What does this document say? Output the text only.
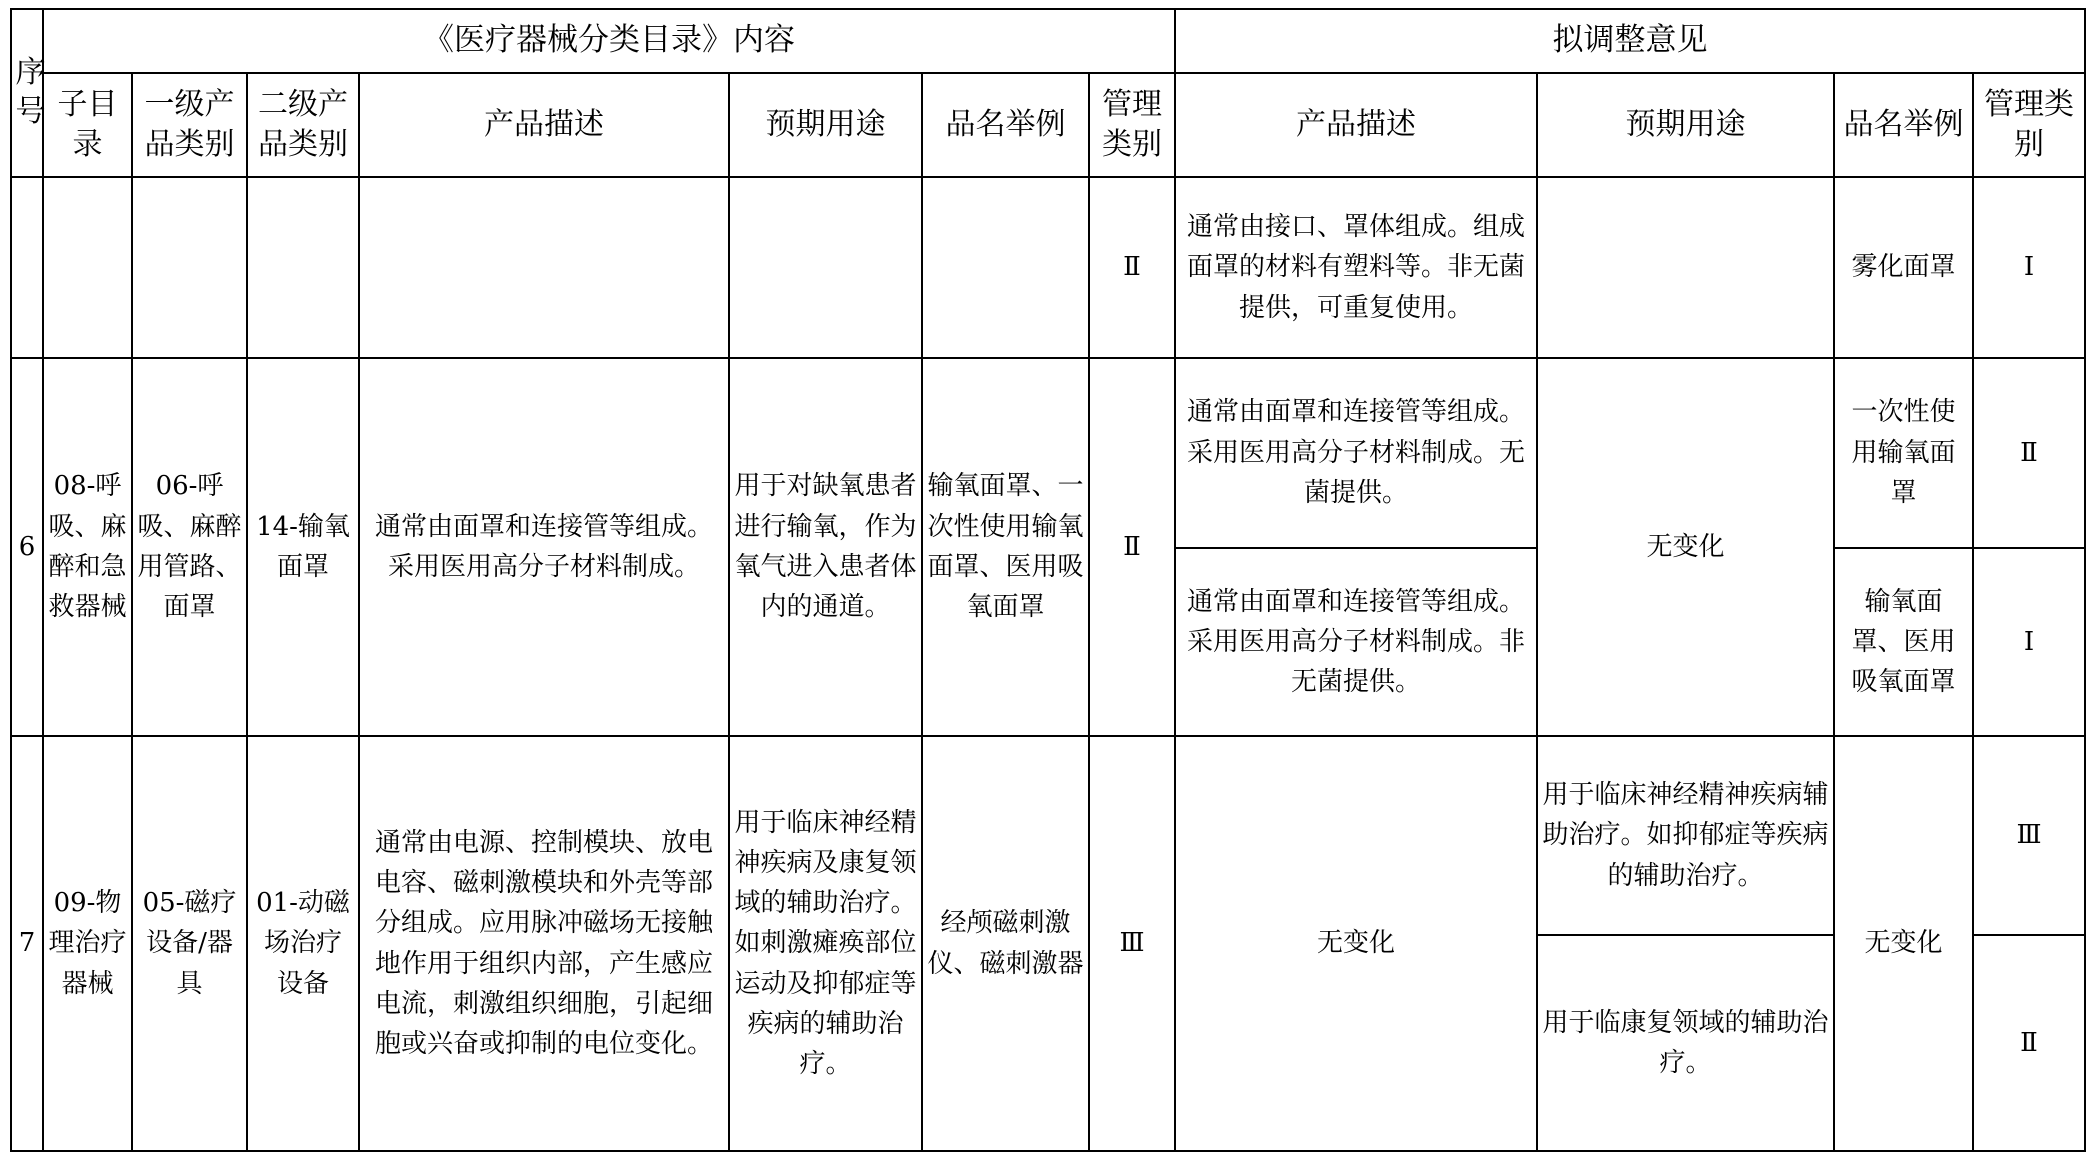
序号	《医疗器械分类目录》内容							拟调整意见			
	子目录	一级产品类别	二级产品类别	产品描述	预期用途	品名举例	管理类别	产品描述	预期用途	品名举例	管理类别
							Ⅱ	通常由接口、罩体组成。组成面罩的材料有塑料等。非无菌提供，可重复使用。		雾化面罩	Ⅰ
6	08-呼吸、麻醉和急救器械	06-呼吸、麻醉用管路、面罩	14-输氧面罩	通常由面罩和连接管等组成。采用医用高分子材料制成。	用于对缺氧患者进行输氧，作为氧气进入患者体内的通道。	输氧面罩、一次性使用输氧面罩、医用吸氧面罩	Ⅱ	通常由面罩和连接管等组成。采用医用高分子材料制成。无菌提供。	无变化	一次性使用输氧面罩	Ⅱ
								通常由面罩和连接管等组成。采用医用高分子材料制成。非无菌提供。		输氧面罩、医用吸氧面罩	Ⅰ
7	09-物理治疗器械	05-磁疗设备/器具	01-动磁场治疗设备	通常由电源、控制模块、放电电容、磁刺激模块和外壳等部分组成。应用脉冲磁场无接触地作用于组织内部，产生感应电流，刺激组织细胞，引起细胞或兴奋或抑制的电位变化。	用于临床神经精神疾病及康复领域的辅助治疗。如刺激瘫痪部位运动及抑郁症等疾病的辅助治疗。	经颅磁刺激仪、磁刺激器	Ⅲ	无变化	用于临床神经精神疾病辅助治疗。如抑郁症等疾病的辅助治疗。	无变化	Ⅲ
									用于临康复领域的辅助治疗。		Ⅱ
